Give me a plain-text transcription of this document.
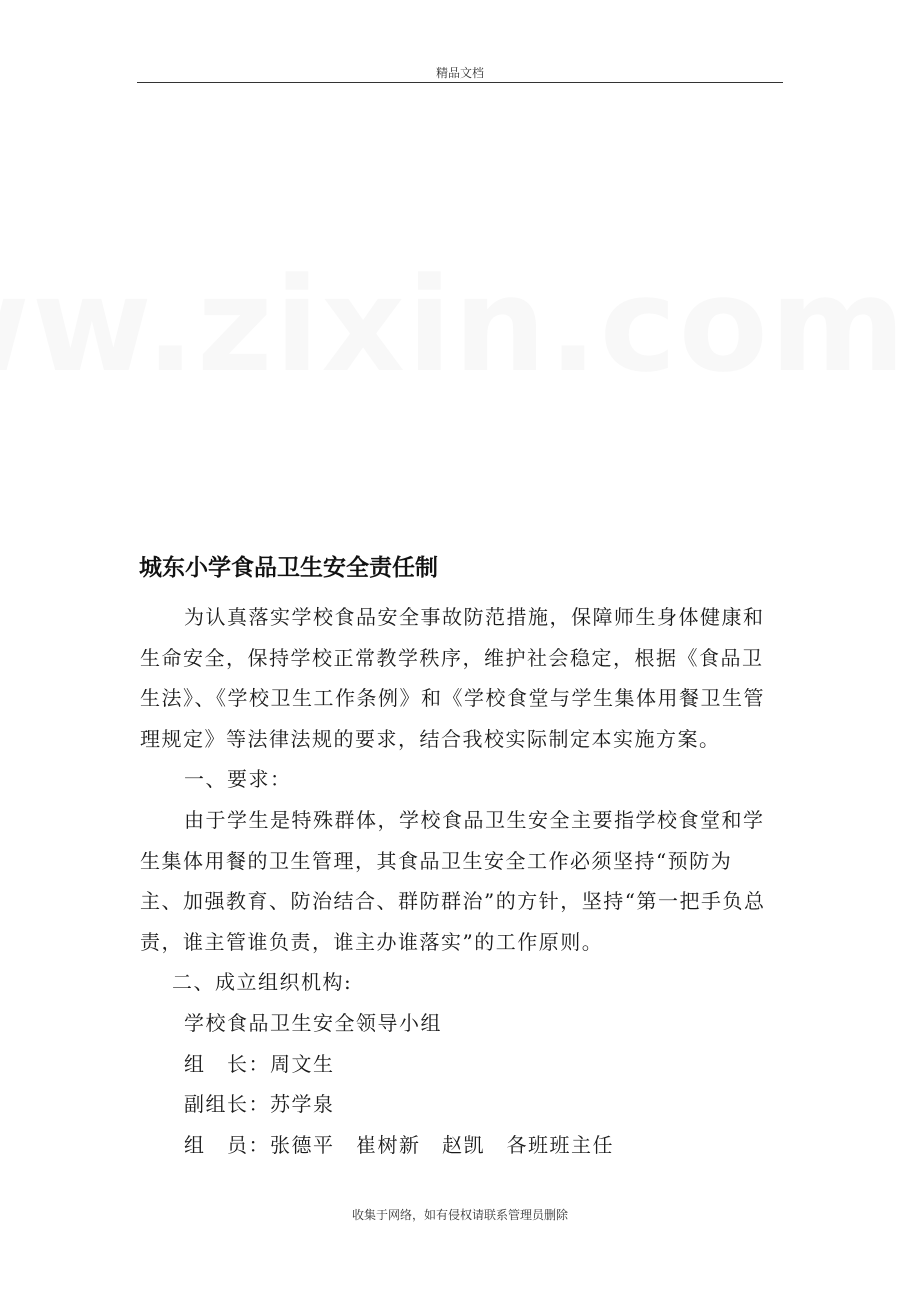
精品文档
城东小学食品卫生安全责任制

为认真落实学校食品安全事故防范措施，保障师生身体健康和生命安全，保持学校正常教学秩序，维护社会稳定，根据《食品卫生法》、《学校卫生工作条例》和《学校食堂与学生集体用餐卫生管理规定》等法律法规的要求，结合我校实际制定本实施方案。

一、要求：

由于学生是特殊群体，学校食品卫生安全主要指学校食堂和学生集体用餐的卫生管理，其食品卫生安全工作必须坚持“预防为主、加强教育、防治结合、群防群治”的方针，坚持“第一把手负总责，谁主管谁负责，谁主办谁落实”的工作原则。

二、成立组织机构:

学校食品卫生安全领导小组

组　长：周文生

副组长：苏学泉

组　员：张德平　崔树新　赵凯　各班班主任

收集于网络，如有侵权请联系管理员删除
